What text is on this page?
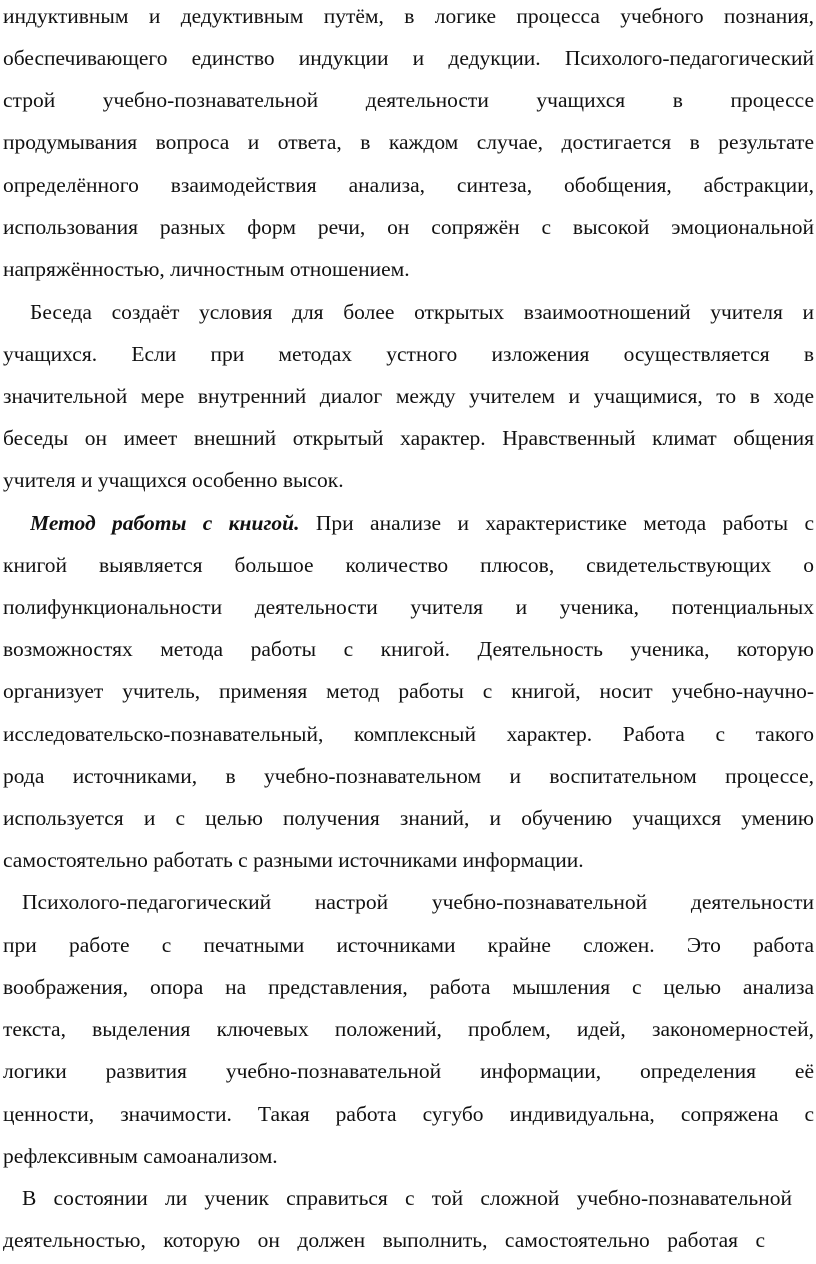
индуктивным и дедуктивным путём, в логике процесса учебного познания,
обеспечивающего единство индукции и дедукции. Психолого-педагогический
строй учебно-познавательной деятельности учащихся в процессе
продумывания вопроса и ответа, в каждом случае, достигается в результате
определённого взаимодействия анализа, синтеза, обобщения, абстракции,
использования разных форм речи, он сопряжён с высокой эмоциональной
напряжённостью, личностным отношением.
Беседа создаёт условия для более открытых взаимоотношений учителя и
учащихся. Если при методах устного изложения осуществляется в
значительной мере внутренний диалог между учителем и учащимися, то в ходе
беседы он имеет внешний открытый характер. Нравственный климат общения
учителя и учащихся особенно высок.
Метод работы с книгой. При анализе и характеристике метода работы с
книгой выявляется большое количество плюсов, свидетельствующих о
полифункциональности деятельности учителя и ученика, потенциальных
возможностях метода работы с книгой. Деятельность ученика, которую
организует учитель, применяя метод работы с книгой, носит учебно-научно-
исследовательско-познавательный, комплексный характер. Работа с такого
рода источниками, в учебно-познавательном и воспитательном процессе,
используется и с целью получения знаний, и обучению учащихся умению
самостоятельно работать с разными источниками информации.
Психолого-педагогический настрой учебно-познавательной деятельности
при работе с печатными источниками крайне сложен. Это работа
воображения, опора на представления, работа мышления с целью анализа
текста, выделения ключевых положений, проблем, идей, закономерностей,
логики развития учебно-познавательной информации, определения её
ценности, значимости. Такая работа сугубо индивидуальна, сопряжена с
рефлексивным самоанализом.
В состоянии ли ученик справиться с той сложной учебно-познавательной
деятельностью, которую он должен выполнить, самостоятельно работая с
